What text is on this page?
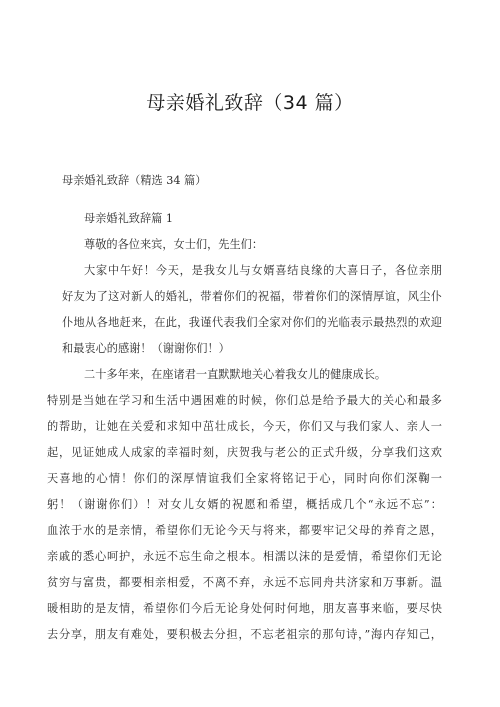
母亲婚礼致辞（34 篇）
母亲婚礼致辞（精选 34 篇）
母亲婚礼致辞篇 1
尊敬的各位来宾，女士们，先生们：
大家中午好！今天，是我女儿与女婿喜结良缘的大喜日子，各位亲朋
好友为了这对新人的婚礼，带着你们的祝福，带着你们的深情厚谊，风尘仆
仆地从各地赶来，在此，我谨代表我们全家对你们的光临表示最热烈的欢迎
和最衷心的感谢！（谢谢你们！）
二十多年来，在座诸君一直默默地关心着我女儿的健康成长。
特别是当她在学习和生活中遇困难的时候，你们总是给予最大的关心和最多
的帮助，让她在关爱和求知中茁壮成长，今天，你们又与我们家人、亲人一
起，见证她成人成家的幸福时刻，庆贺我与老公的正式升级，分享我们这欢
天喜地的心情！你们的深厚情谊我们全家将铭记于心，同时向你们深鞠一
躬！（谢谢你们）！对女儿女婿的祝愿和希望，概括成几个“永远不忘”：
血浓于水的是亲情，希望你们无论今天与将来，都要牢记父母的养育之恩，
亲戚的悉心呵护，永远不忘生命之根本。相濡以沫的是爱情，希望你们无论
贫穷与富贵，都要相亲相爱，不离不弃，永远不忘同舟共济家和万事新。温
暖相助的是友情，希望你们今后无论身处何时何地，朋友喜事来临，要尽快
去分享，朋友有难处，要积极去分担，不忘老祖宗的那句诗，”海内存知己，
